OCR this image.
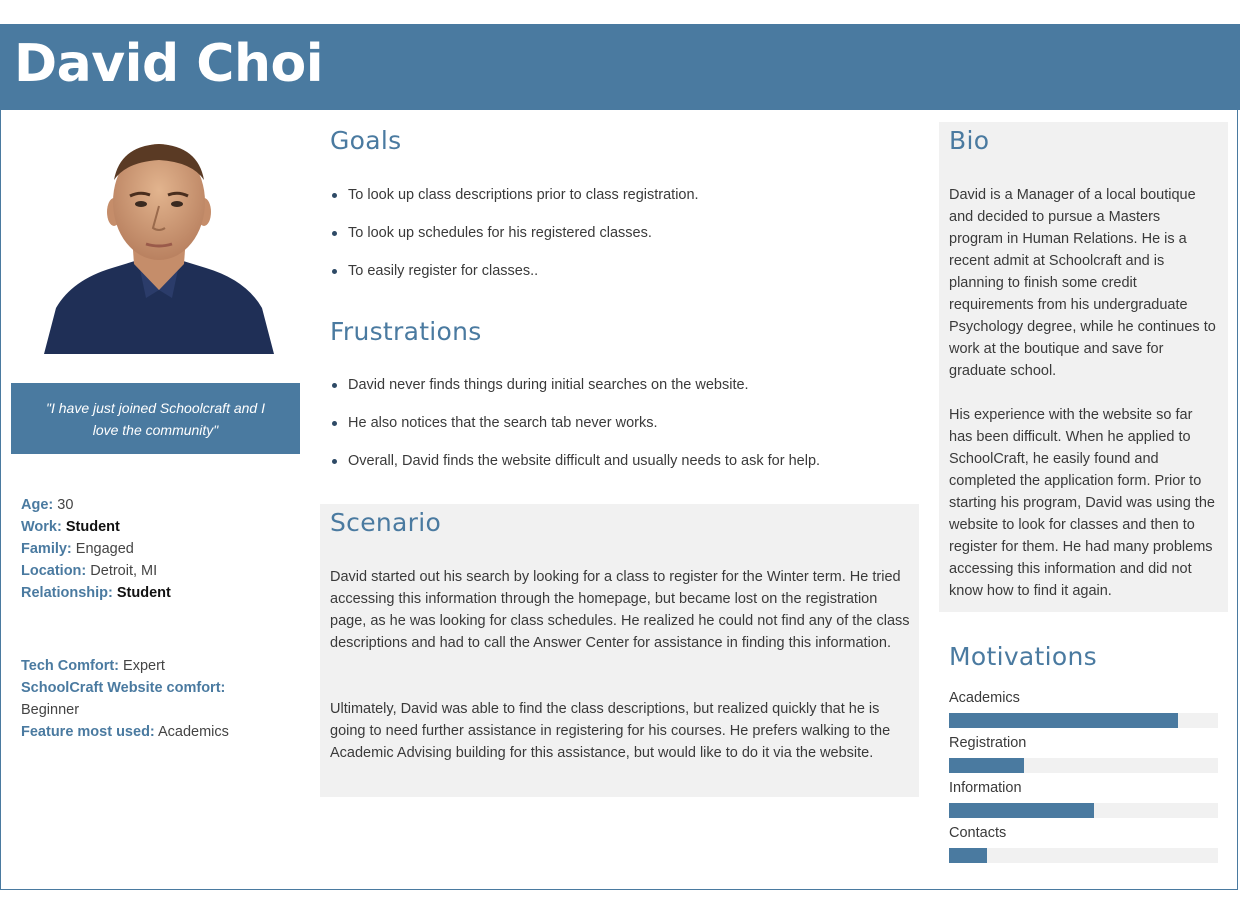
David Choi
"I have just joined Schoolcraft and I love the community"
Age: 30
Work: Student
Family: Engaged
Location: Detroit, MI
Relationship: Student
Tech Comfort: Expert
SchoolCraft Website comfort: Beginner
Feature most used: Academics
Goals
To look up class descriptions prior to class registration.
To look up schedules for his registered classes.
To easily register for classes..
Frustrations
David never finds things during initial searches on the website.
He also notices that the search tab never works.
Overall, David finds the website difficult and usually needs to ask for help.
Scenario
David started out his search by looking for a class to register for the Winter term. He tried accessing this information through the homepage, but became lost on the registration page, as he was looking for class schedules. He realized he could not find any of the class descriptions and had to call the Answer Center for assistance in finding this information.
Ultimately, David was able to find the class descriptions, but realized quickly that he is going to need further assistance in registering for his courses. He prefers walking to the Academic Advising building for this assistance, but would like to do it via the website.
Bio
David is a Manager of a local boutique and decided to pursue a Masters program in Human Relations. He is a recent admit at Schoolcraft and is planning to finish some credit requirements from his undergraduate Psychology degree, while he continues to work at the boutique and save for graduate school.
His experience with the website so far has been difficult. When he applied to SchoolCraft, he easily found and completed the application form. Prior to starting his program, David was using the website to look for classes and then to register for them. He had many problems accessing this information and did not know how to find it again.
Motivations
Academics
Registration
Information
Contacts
